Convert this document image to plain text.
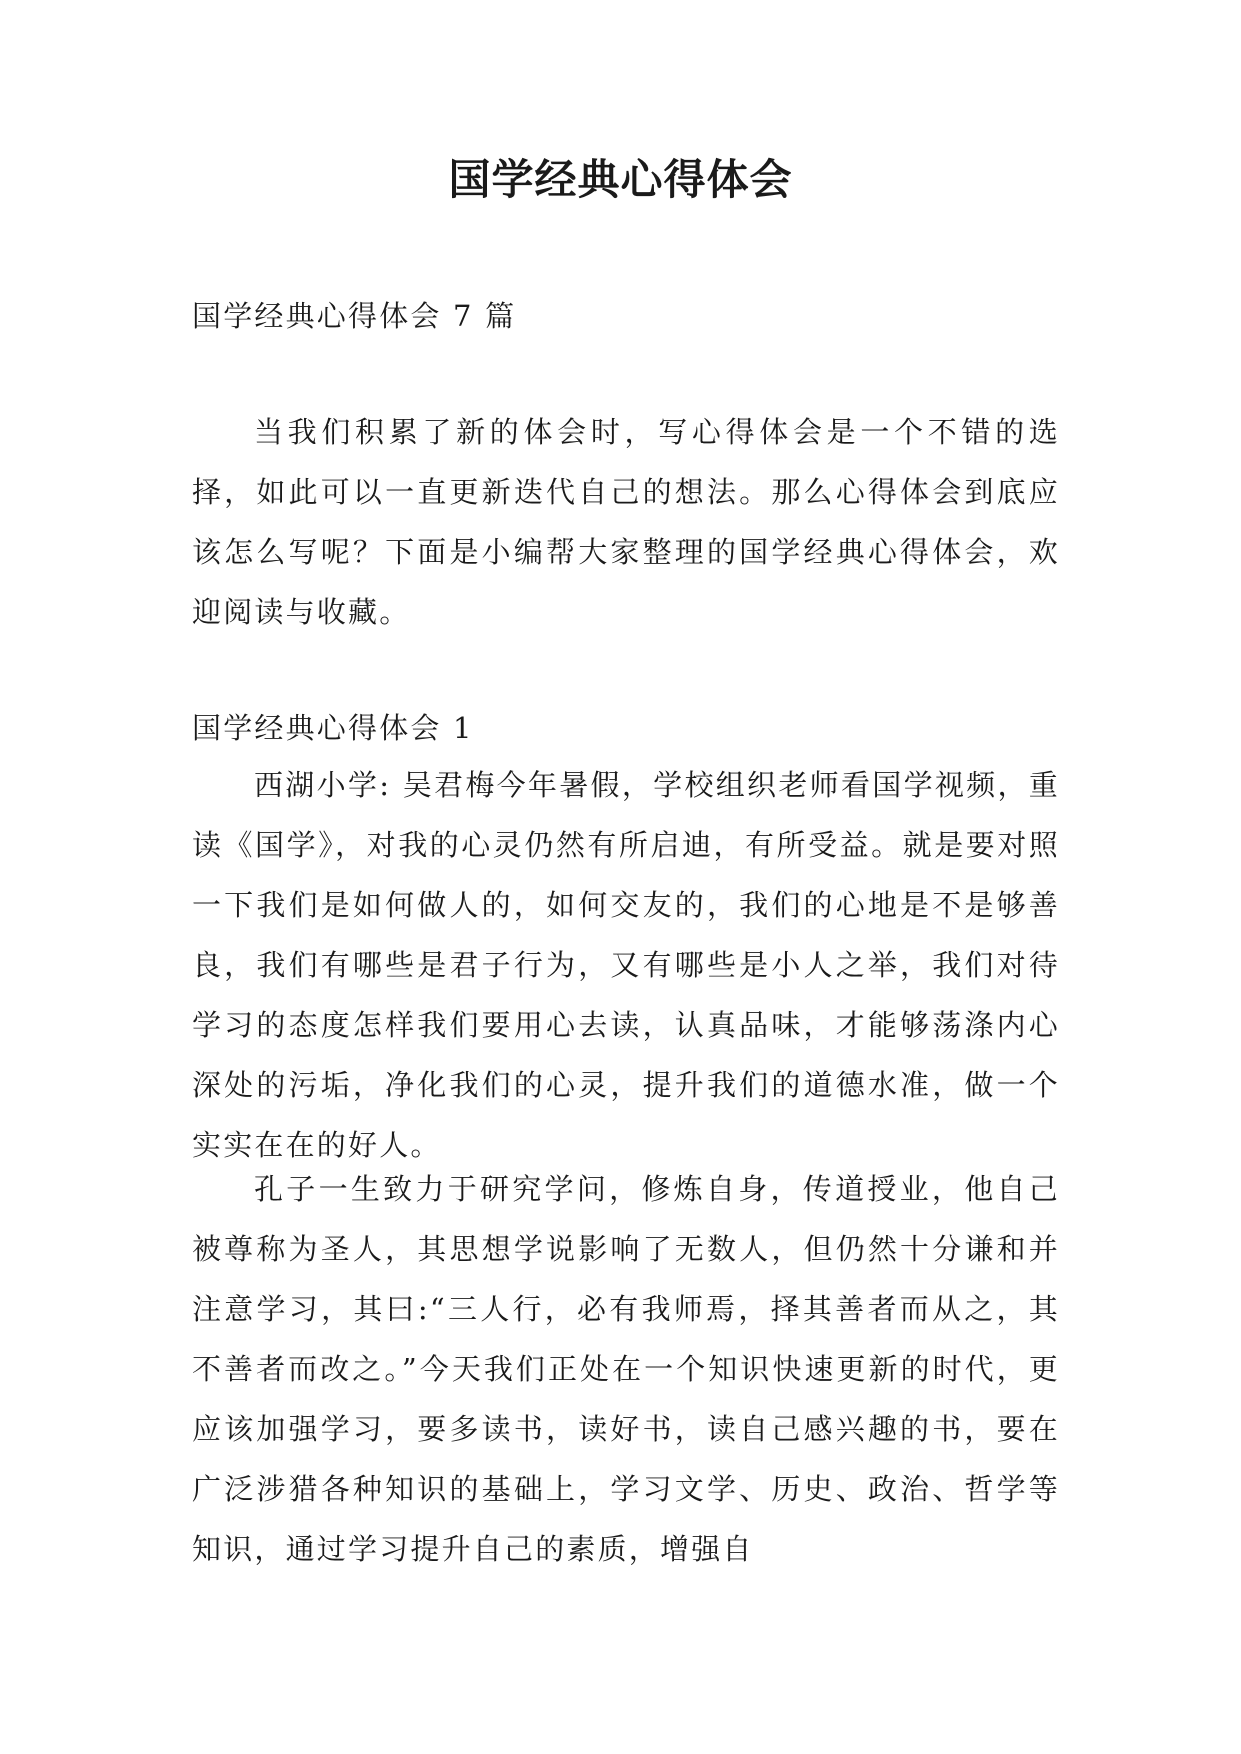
国学经典心得体会

国学经典心得体会 7 篇

当我们积累了新的体会时，写心得体会是一个不错的选择，如此可以一直更新迭代自己的想法。那么心得体会到底应该怎么写呢？下面是小编帮大家整理的国学经典心得体会，欢迎阅读与收藏。

国学经典心得体会 1

西湖小学: 吴君梅今年暑假，学校组织老师看国学视频，重读《国学》，对我的心灵仍然有所启迪，有所受益。就是要对照一下我们是如何做人的，如何交友的，我们的心地是不是够善良，我们有哪些是君子行为，又有哪些是小人之举，我们对待学习的态度怎样我们要用心去读，认真品味，才能够荡涤内心深处的污垢，净化我们的心灵，提升我们的道德水准，做一个实实在在的好人。

孔子一生致力于研究学问，修炼自身，传道授业，他自己被尊称为圣人，其思想学说影响了无数人，但仍然十分谦和并注意学习，其曰:“三人行，必有我师焉，择其善者而从之，其不善者而改之。”今天我们正处在一个知识快速更新的时代，更应该加强学习，要多读书，读好书，读自己感兴趣的书，要在广泛涉猎各种知识的基础上，学习文学、历史、政治、哲学等知识，通过学习提升自己的素质，增强自
